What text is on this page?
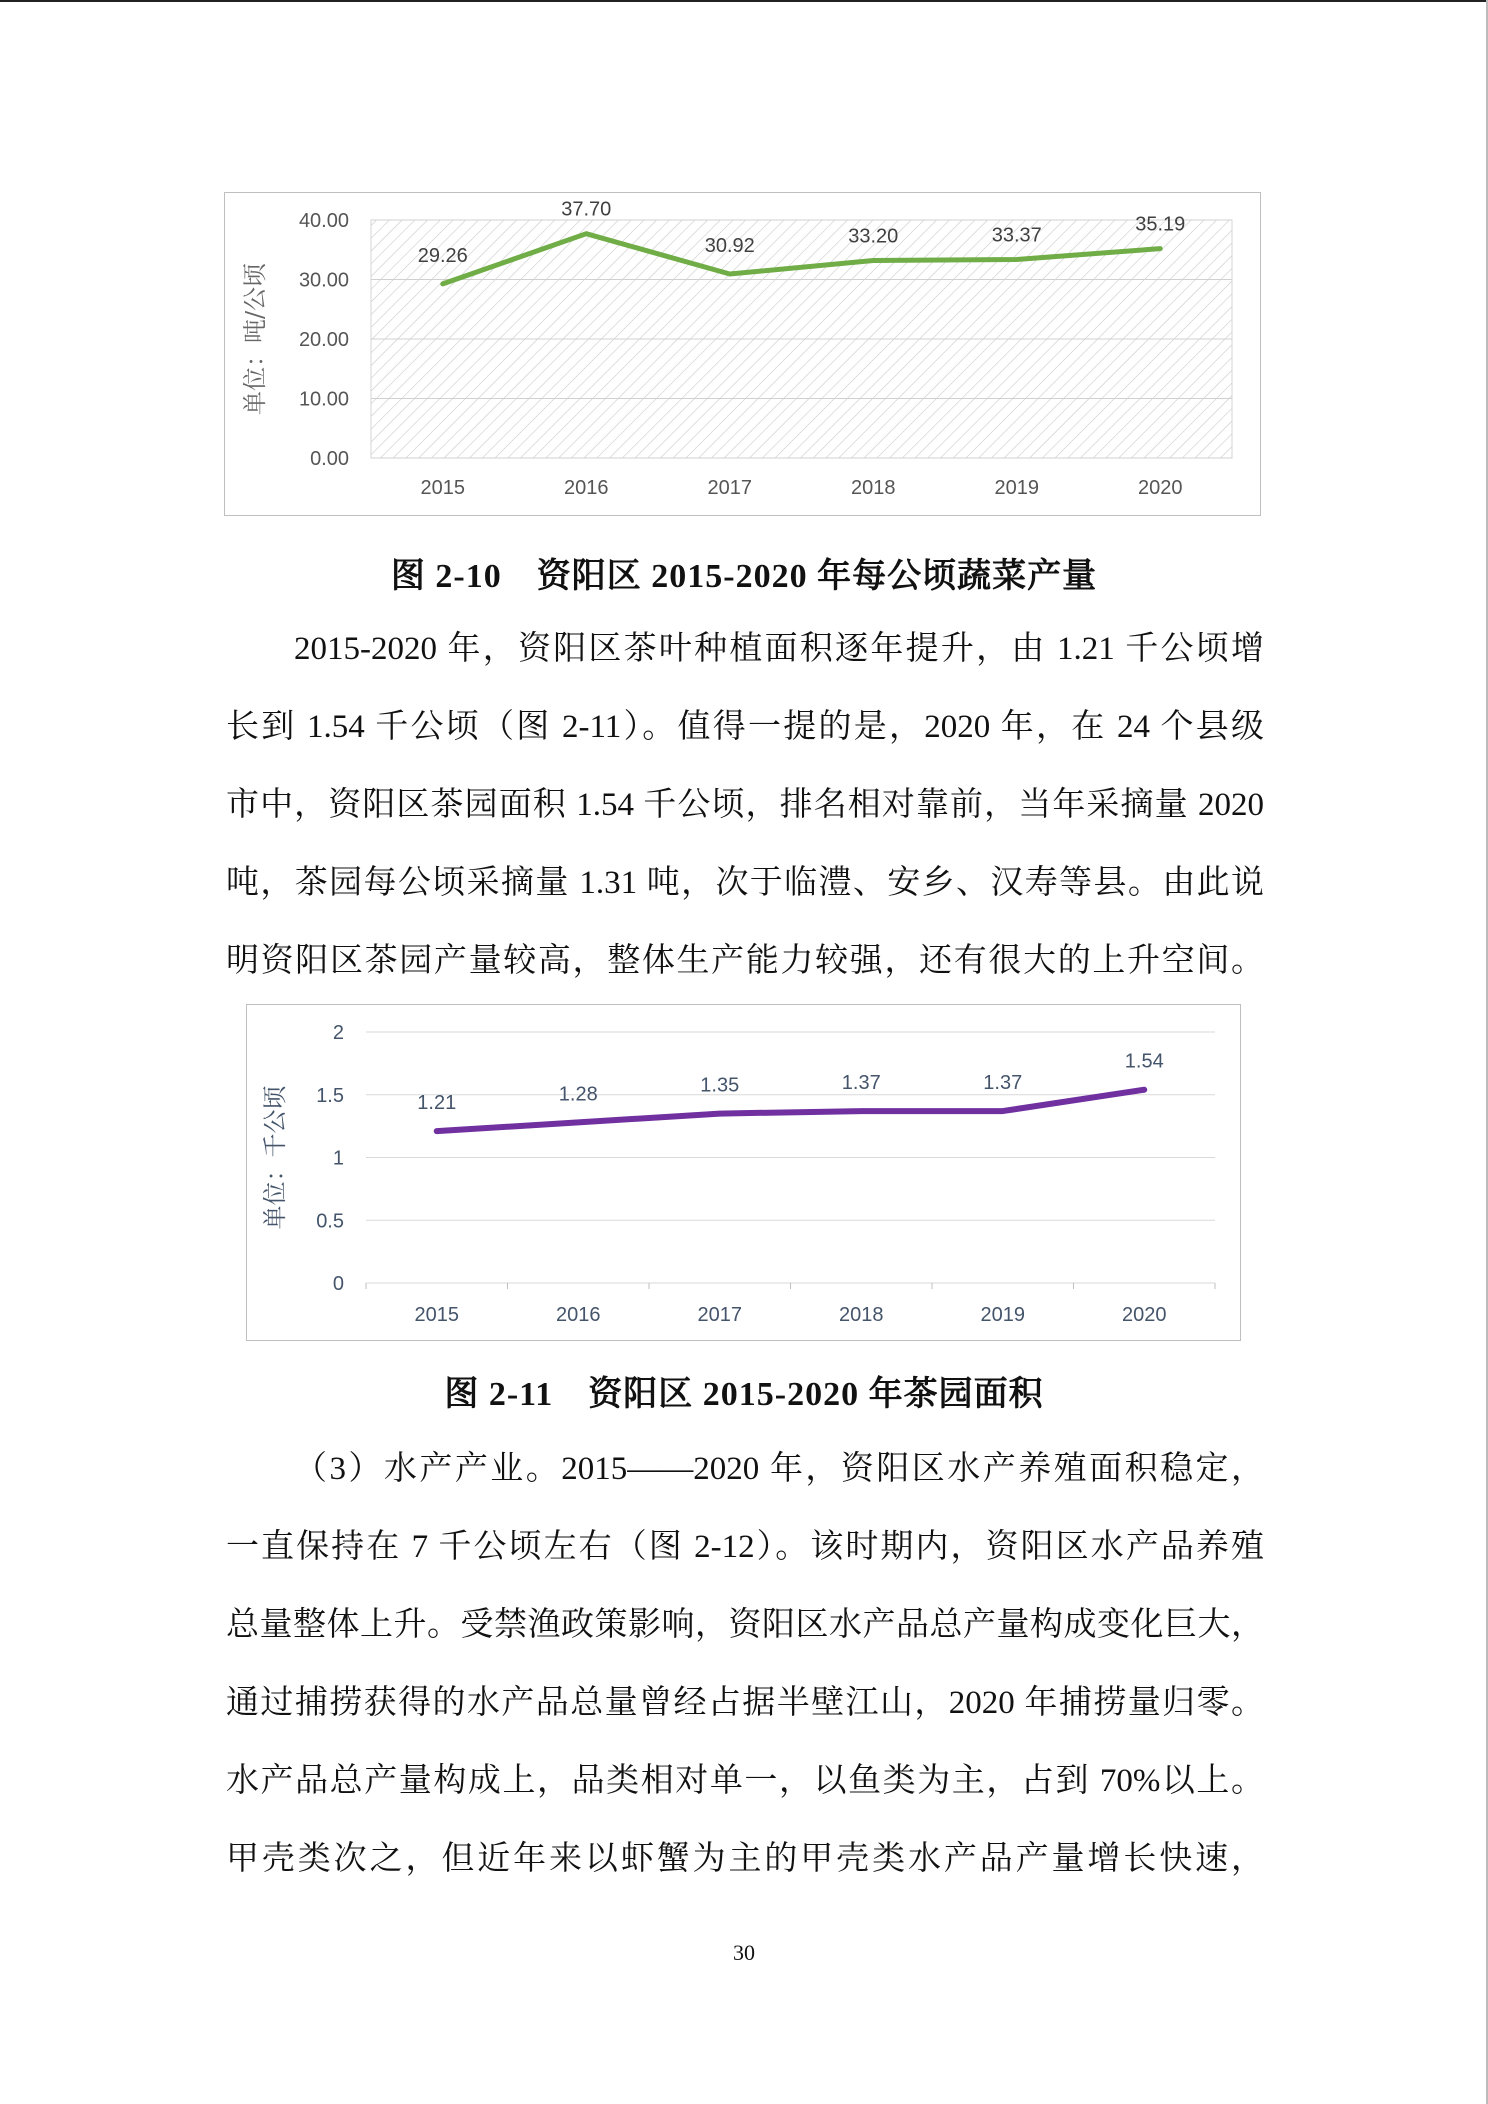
0.00
10.00
20.00
30.00
40.00
2015	2016	2017	2018	2019	2020
单位：吨/公顷
29.26
37.70
30.92	33.20	33.37	35.19
图 2-10　资阳区 2015-2020 年每公顷蔬菜产量
2015-2020 年，资阳区茶叶种植面积逐年提升，由 1.21 千公顷增
长到 1.54 千公顷（图 2-11）。值得一提的是，2020 年，在 24 个县级
市中，资阳区茶园面积 1.54 千公顷，排名相对靠前，当年采摘量 2020
吨，茶园每公顷采摘量 1.31 吨，次于临澧、安乡、汉寿等县。由此说
明资阳区茶园产量较高，整体生产能力较强，还有很大的上升空间。
0
0.5
1
1.5
2
2015	2016	2017	2018	2019	2020
单位：千公顷	1.21	1.28	1.35	1.37	1.37
1.54
图 2-11　资阳区 2015-2020 年茶园面积
（3）水产产业。2015——2020 年，资阳区水产养殖面积稳定，
一直保持在 7 千公顷左右（图 2-12）。该时期内，资阳区水产品养殖
总量整体上升。受禁渔政策影响，资阳区水产品总产量构成变化巨大，
通过捕捞获得的水产品总量曾经占据半壁江山，2020 年捕捞量归零。
水产品总产量构成上，品类相对单一，以鱼类为主，占到 70%以上。
甲壳类次之，但近年来以虾蟹为主的甲壳类水产品产量增长快速，
30
